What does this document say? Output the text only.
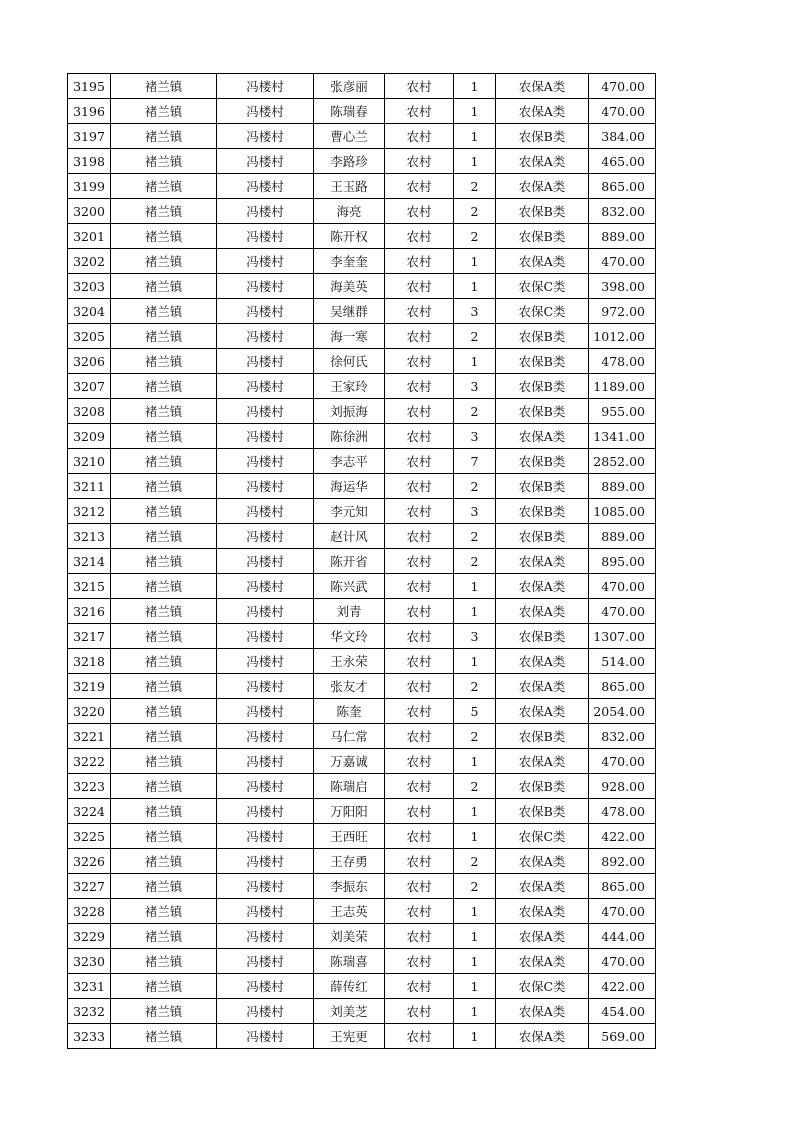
3195	褚兰镇	冯楼村	张彦丽	农村	1	农保A类	470.00
3196	褚兰镇	冯楼村	陈瑞春	农村	1	农保A类	470.00
3197	褚兰镇	冯楼村	曹心兰	农村	1	农保B类	384.00
3198	褚兰镇	冯楼村	李路珍	农村	1	农保A类	465.00
3199	褚兰镇	冯楼村	王玉路	农村	2	农保A类	865.00
3200	褚兰镇	冯楼村	海亮	农村	2	农保B类	832.00
3201	褚兰镇	冯楼村	陈开权	农村	2	农保B类	889.00
3202	褚兰镇	冯楼村	李奎奎	农村	1	农保A类	470.00
3203	褚兰镇	冯楼村	海美英	农村	1	农保C类	398.00
3204	褚兰镇	冯楼村	吴继群	农村	3	农保C类	972.00
3205	褚兰镇	冯楼村	海一寒	农村	2	农保B类	1012.00
3206	褚兰镇	冯楼村	徐何氏	农村	1	农保B类	478.00
3207	褚兰镇	冯楼村	王家玲	农村	3	农保B类	1189.00
3208	褚兰镇	冯楼村	刘振海	农村	2	农保B类	955.00
3209	褚兰镇	冯楼村	陈徐洲	农村	3	农保A类	1341.00
3210	褚兰镇	冯楼村	李志平	农村	7	农保B类	2852.00
3211	褚兰镇	冯楼村	海运华	农村	2	农保B类	889.00
3212	褚兰镇	冯楼村	李元知	农村	3	农保B类	1085.00
3213	褚兰镇	冯楼村	赵计风	农村	2	农保B类	889.00
3214	褚兰镇	冯楼村	陈开省	农村	2	农保A类	895.00
3215	褚兰镇	冯楼村	陈兴武	农村	1	农保A类	470.00
3216	褚兰镇	冯楼村	刘青	农村	1	农保A类	470.00
3217	褚兰镇	冯楼村	华文玲	农村	3	农保B类	1307.00
3218	褚兰镇	冯楼村	王永荣	农村	1	农保A类	514.00
3219	褚兰镇	冯楼村	张友才	农村	2	农保A类	865.00
3220	褚兰镇	冯楼村	陈奎	农村	5	农保A类	2054.00
3221	褚兰镇	冯楼村	马仁常	农村	2	农保B类	832.00
3222	褚兰镇	冯楼村	万嘉诚	农村	1	农保A类	470.00
3223	褚兰镇	冯楼村	陈瑞启	农村	2	农保B类	928.00
3224	褚兰镇	冯楼村	万阳阳	农村	1	农保B类	478.00
3225	褚兰镇	冯楼村	王西旺	农村	1	农保C类	422.00
3226	褚兰镇	冯楼村	王存勇	农村	2	农保A类	892.00
3227	褚兰镇	冯楼村	李振东	农村	2	农保A类	865.00
3228	褚兰镇	冯楼村	王志英	农村	1	农保A类	470.00
3229	褚兰镇	冯楼村	刘美荣	农村	1	农保A类	444.00
3230	褚兰镇	冯楼村	陈瑞喜	农村	1	农保A类	470.00
3231	褚兰镇	冯楼村	薛传红	农村	1	农保C类	422.00
3232	褚兰镇	冯楼村	刘美芝	农村	1	农保A类	454.00
3233	褚兰镇	冯楼村	王宪更	农村	1	农保A类	569.00
